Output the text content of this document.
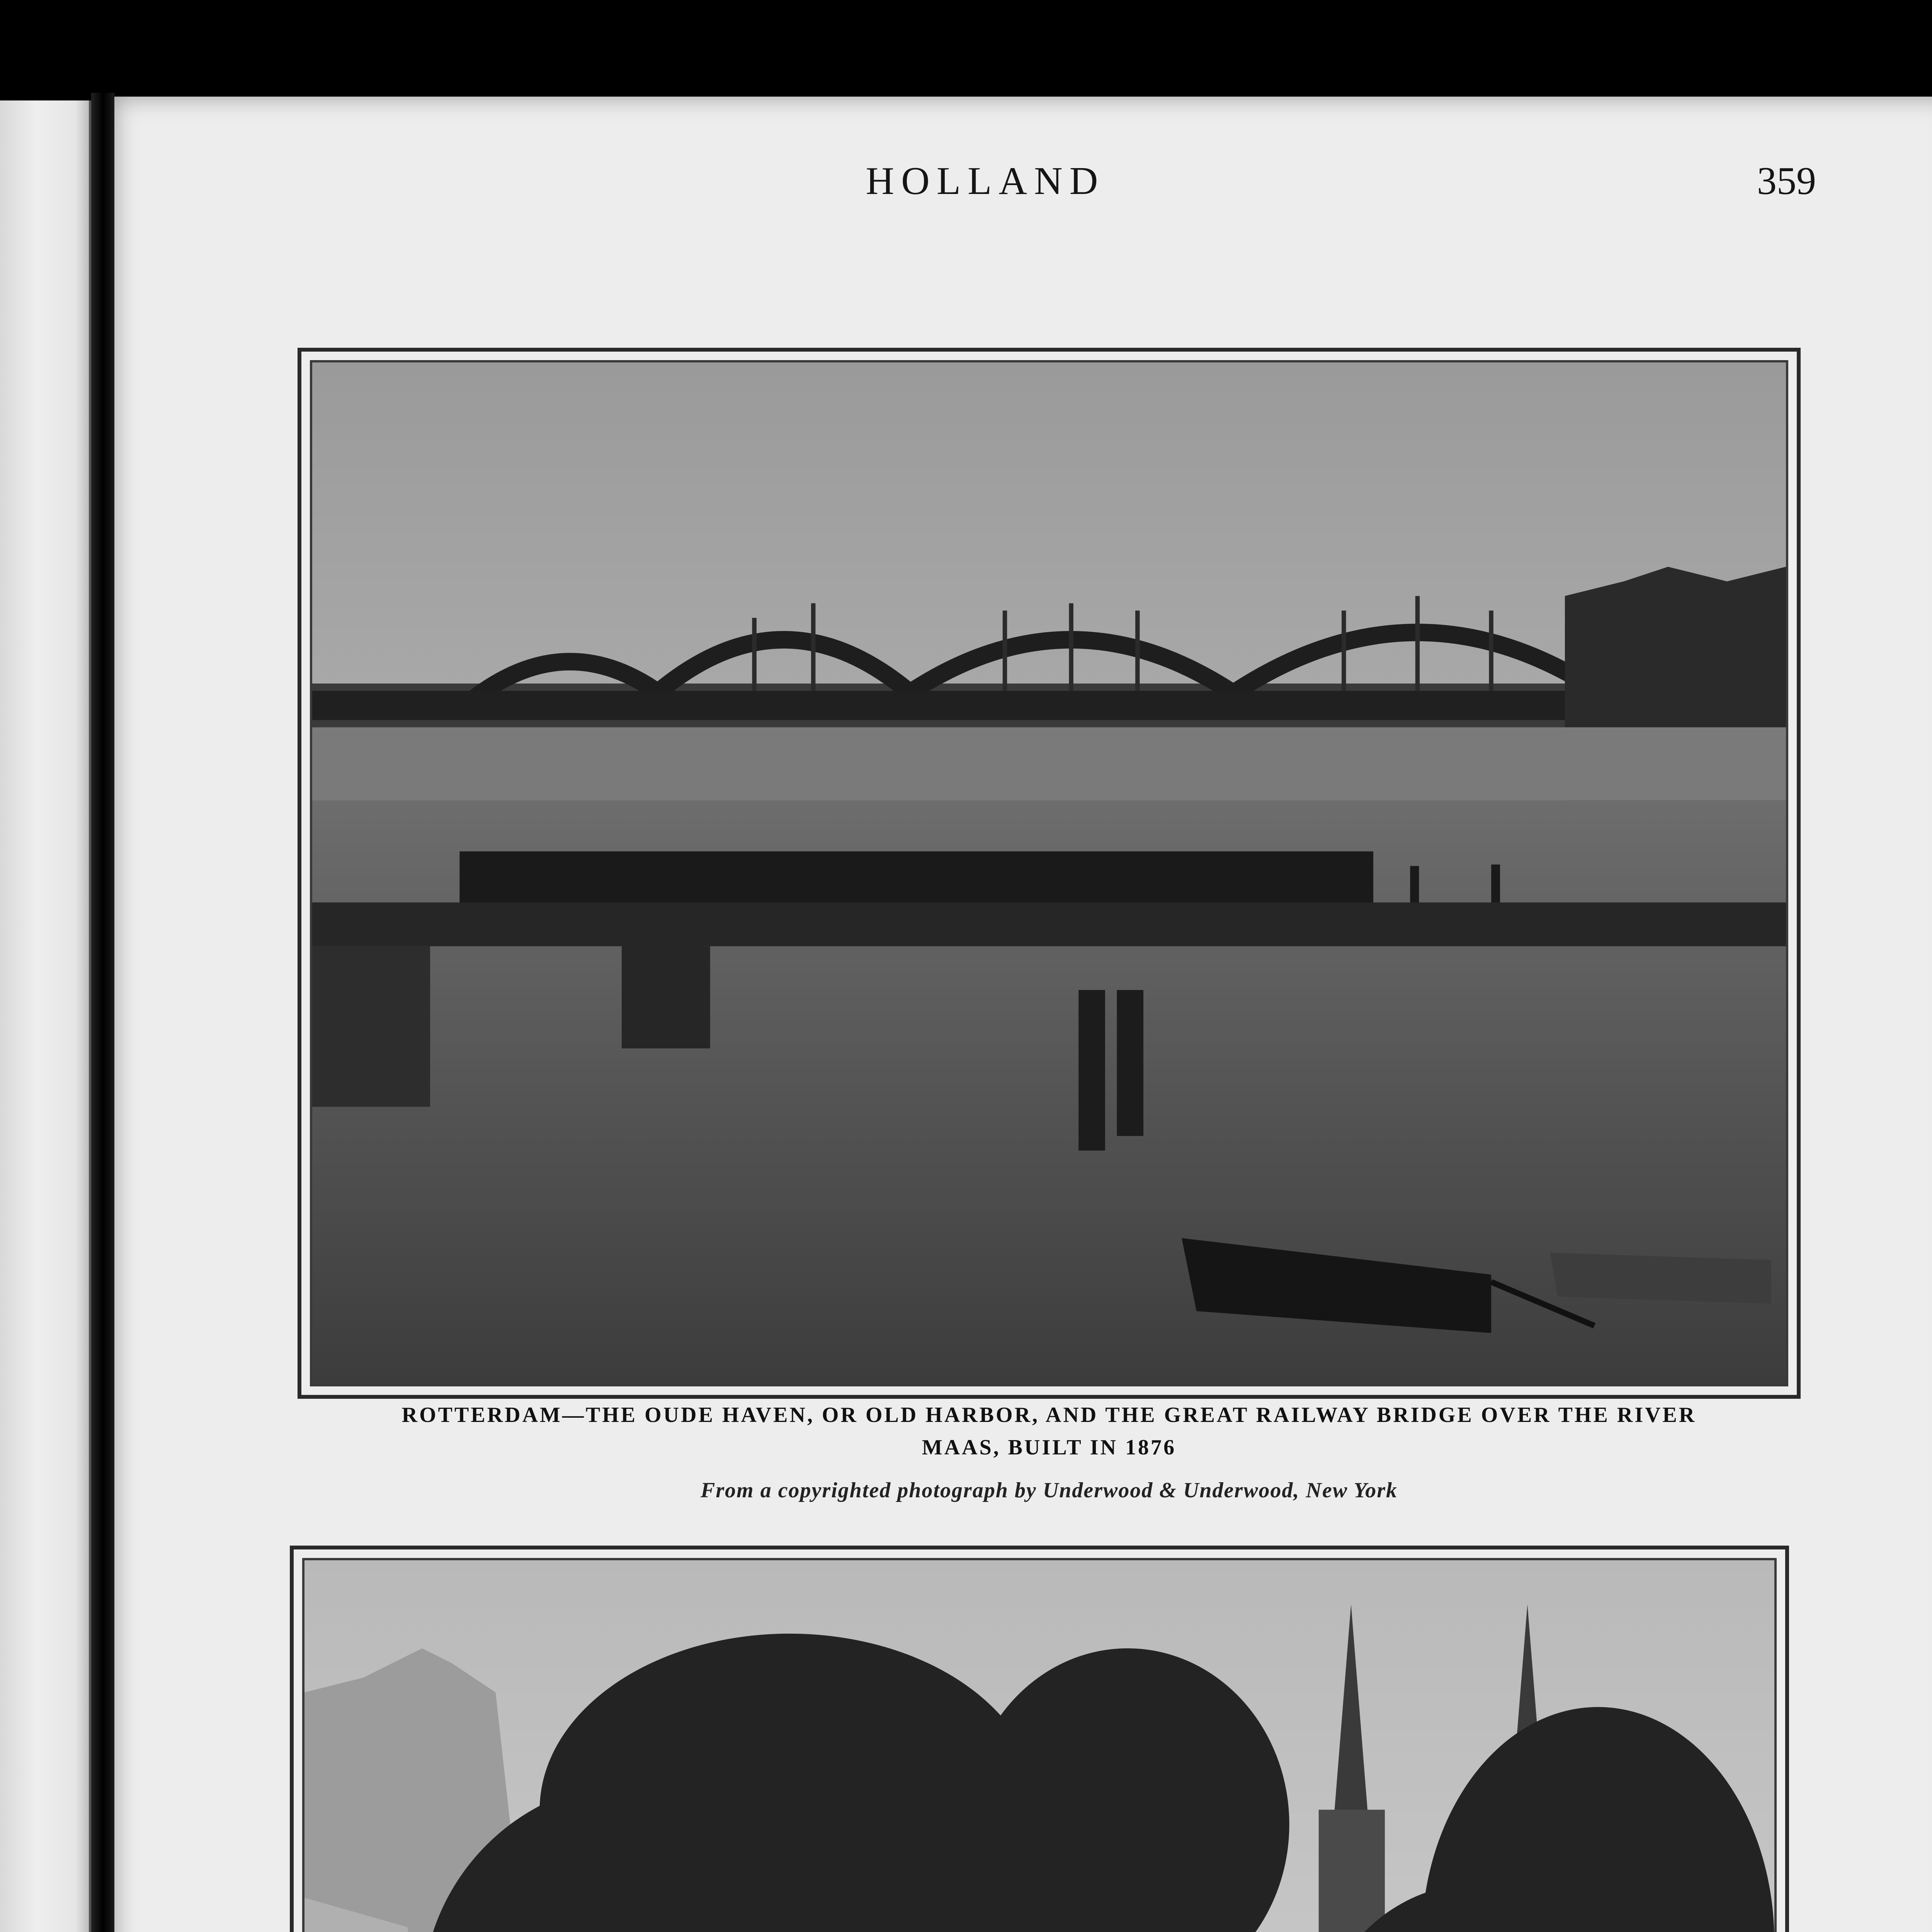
HOLLAND	359
ROTTERDAM—THE OUDE HAVEN, OR OLD HARBOR, AND THE GREAT RAILWAY BRIDGE OVER THE RIVER MAAS, BUILT IN 1876
From a copyrighted photograph by Underwood & Underwood, New York
